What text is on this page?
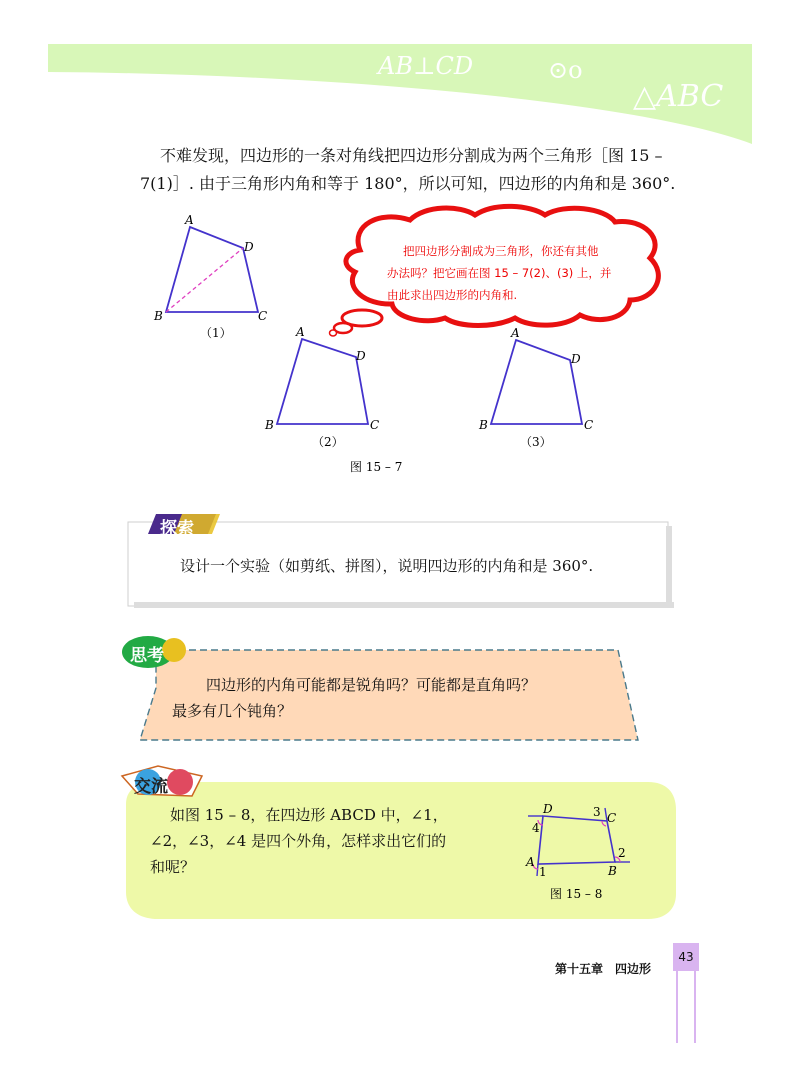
AB⊥CD	⊙o
△ABC

不难发现，四边形的一条对角线把四边形分割成为两个三角形［图 15 –

7(1)］. 由于三角形内角和等于 180°，所以可知，四边形的内角和是 360°.

A
D
B	C
（1）	A
D
B	C
（2）
A
D
B	C
（3）
图 15 – 7
把四边形分割成为三角形，你还有其他
办法吗？把它画在图 15 – 7(2)、(3) 上，并
由此求出四边形的内角和.
探索
设计一个实验（如剪纸、拼图），说明四边形的内角和是 360°.
思考
四边形的内角可能都是锐角吗？可能都是直角吗？
最多有几个钝角？
D
C
A
B
3
4
2
1
图 15 – 8
交流
如图 15 – 8，在四边形 ABCD 中，∠1，
∠2，∠3，∠4 是四个外角，怎样求出它们的
和呢？
第十五章　四边形
43
